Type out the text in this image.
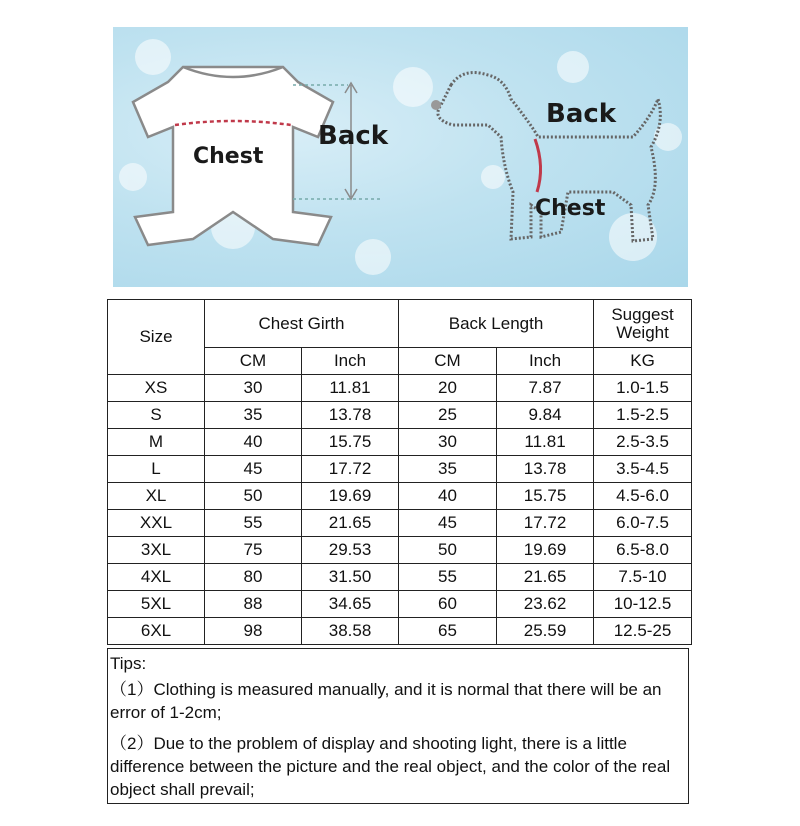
Chest
Back
Back
Chest
Size	Chest Girth		Back Length		Suggest
Weight
	CM	Inch	CM	Inch	KG
XS	30	11.81	20	7.87	1.0-1.5
S	35	13.78	25	9.84	1.5-2.5
M	40	15.75	30	11.81	2.5-3.5
L	45	17.72	35	13.78	3.5-4.5
XL	50	19.69	40	15.75	4.5-6.0
XXL	55	21.65	45	17.72	6.0-7.5
3XL	75	29.53	50	19.69	6.5-8.0
4XL	80	31.50	55	21.65	7.5-10
5XL	88	34.65	60	23.62	10-12.5
6XL	98	38.58	65	25.59	12.5-25

Tips:

（1）Clothing is measured manually, and it is normal that there will be an error of 1-2cm;

（2）Due to the problem of display and shooting light, there is a little difference between the picture and the real object, and the color of the real object shall prevail;
